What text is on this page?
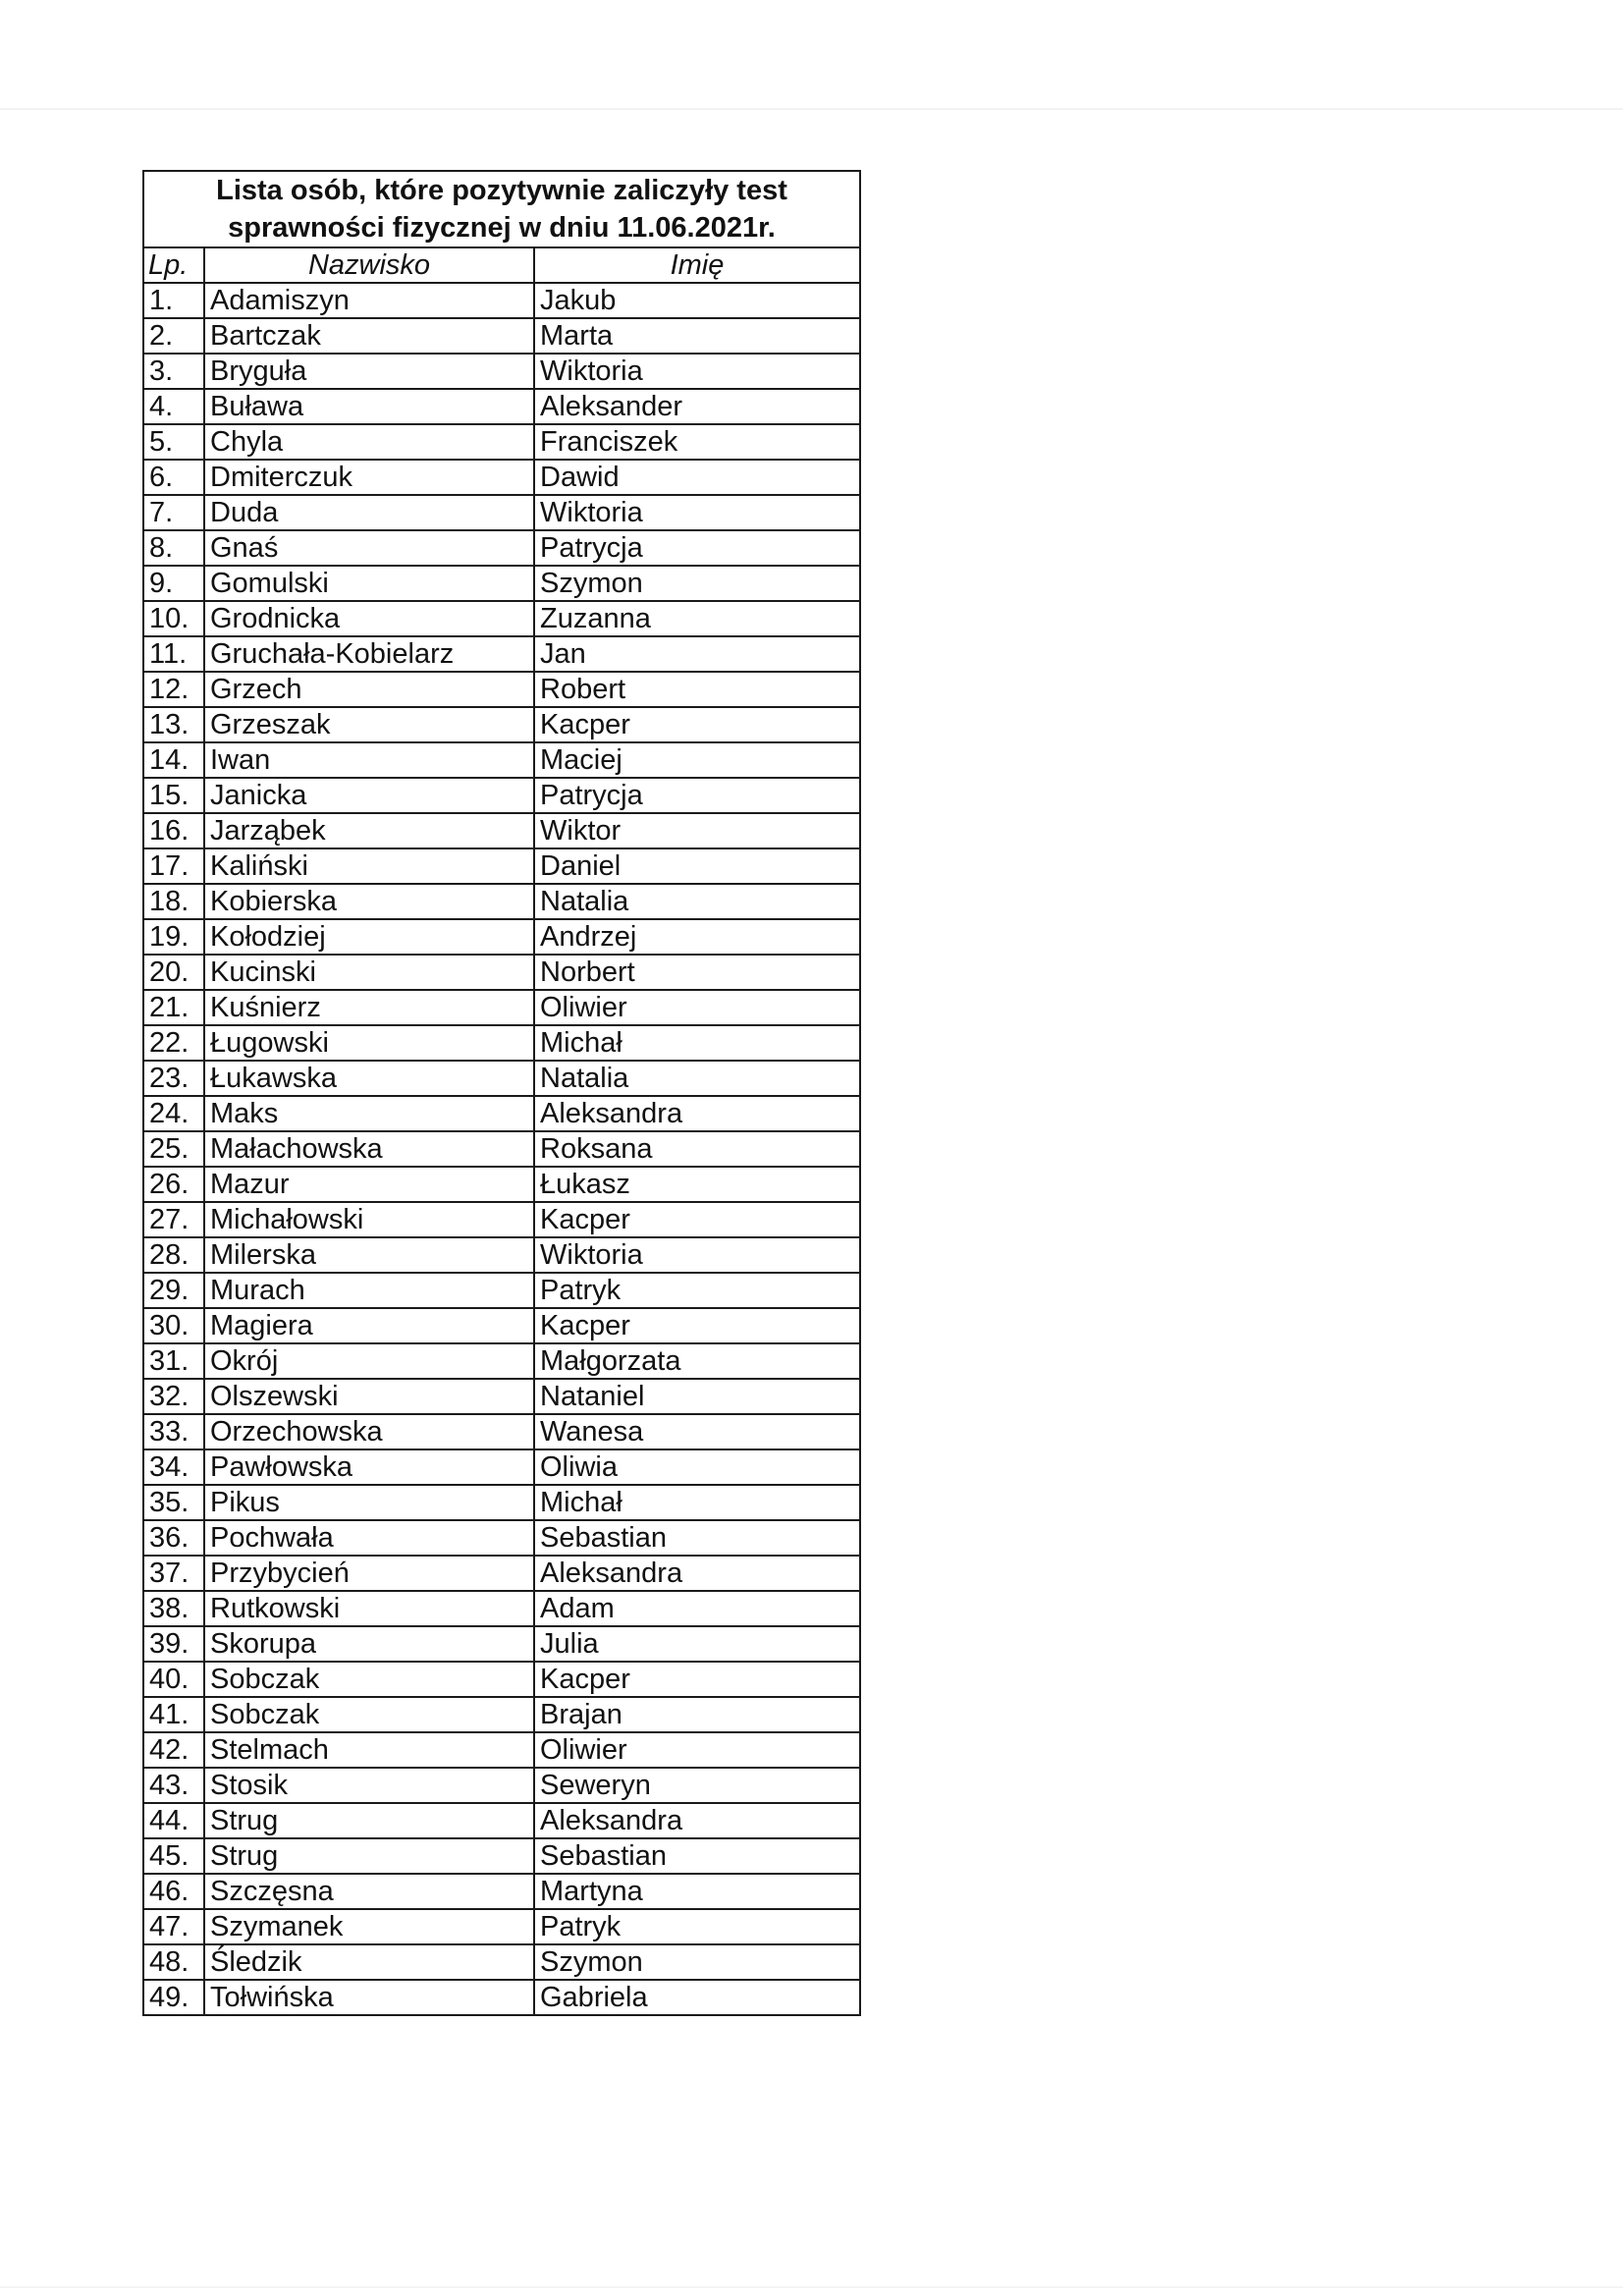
Lista osób, które pozytywnie zaliczyły test
sprawności fizycznej w dniu 11.06.2021r.		

Lp.	Nazwisko	Imię
1.	Adamiszyn	Jakub
2.	Bartczak	Marta
3.	Bryguła	Wiktoria
4.	Buława	Aleksander
5.	Chyla	Franciszek
6.	Dmiterczuk	Dawid
7.	Duda	Wiktoria
8.	Gnaś	Patrycja
9.	Gomulski	Szymon
10.	Grodnicka	Zuzanna
11.	Gruchała-Kobielarz	Jan
12.	Grzech	Robert
13.	Grzeszak	Kacper
14.	Iwan	Maciej
15.	Janicka	Patrycja
16.	Jarząbek	Wiktor
17.	Kaliński	Daniel
18.	Kobierska	Natalia
19.	Kołodziej	Andrzej
20.	Kucinski	Norbert
21.	Kuśnierz	Oliwier
22.	Ługowski	Michał
23.	Łukawska	Natalia
24.	Maks	Aleksandra
25.	Małachowska	Roksana
26.	Mazur	Łukasz
27.	Michałowski	Kacper
28.	Milerska	Wiktoria
29.	Murach	Patryk
30.	Magiera	Kacper
31.	Okrój	Małgorzata
32.	Olszewski	Nataniel
33.	Orzechowska	Wanesa
34.	Pawłowska	Oliwia
35.	Pikus	Michał
36.	Pochwała	Sebastian
37.	Przybycień	Aleksandra
38.	Rutkowski	Adam
39.	Skorupa	Julia
40.	Sobczak	Kacper
41.	Sobczak	Brajan
42.	Stelmach	Oliwier
43.	Stosik	Seweryn
44.	Strug	Aleksandra
45.	Strug	Sebastian
46.	Szczęsna	Martyna
47.	Szymanek	Patryk
48.	Śledzik	Szymon
49.	Tołwińska	Gabriela
